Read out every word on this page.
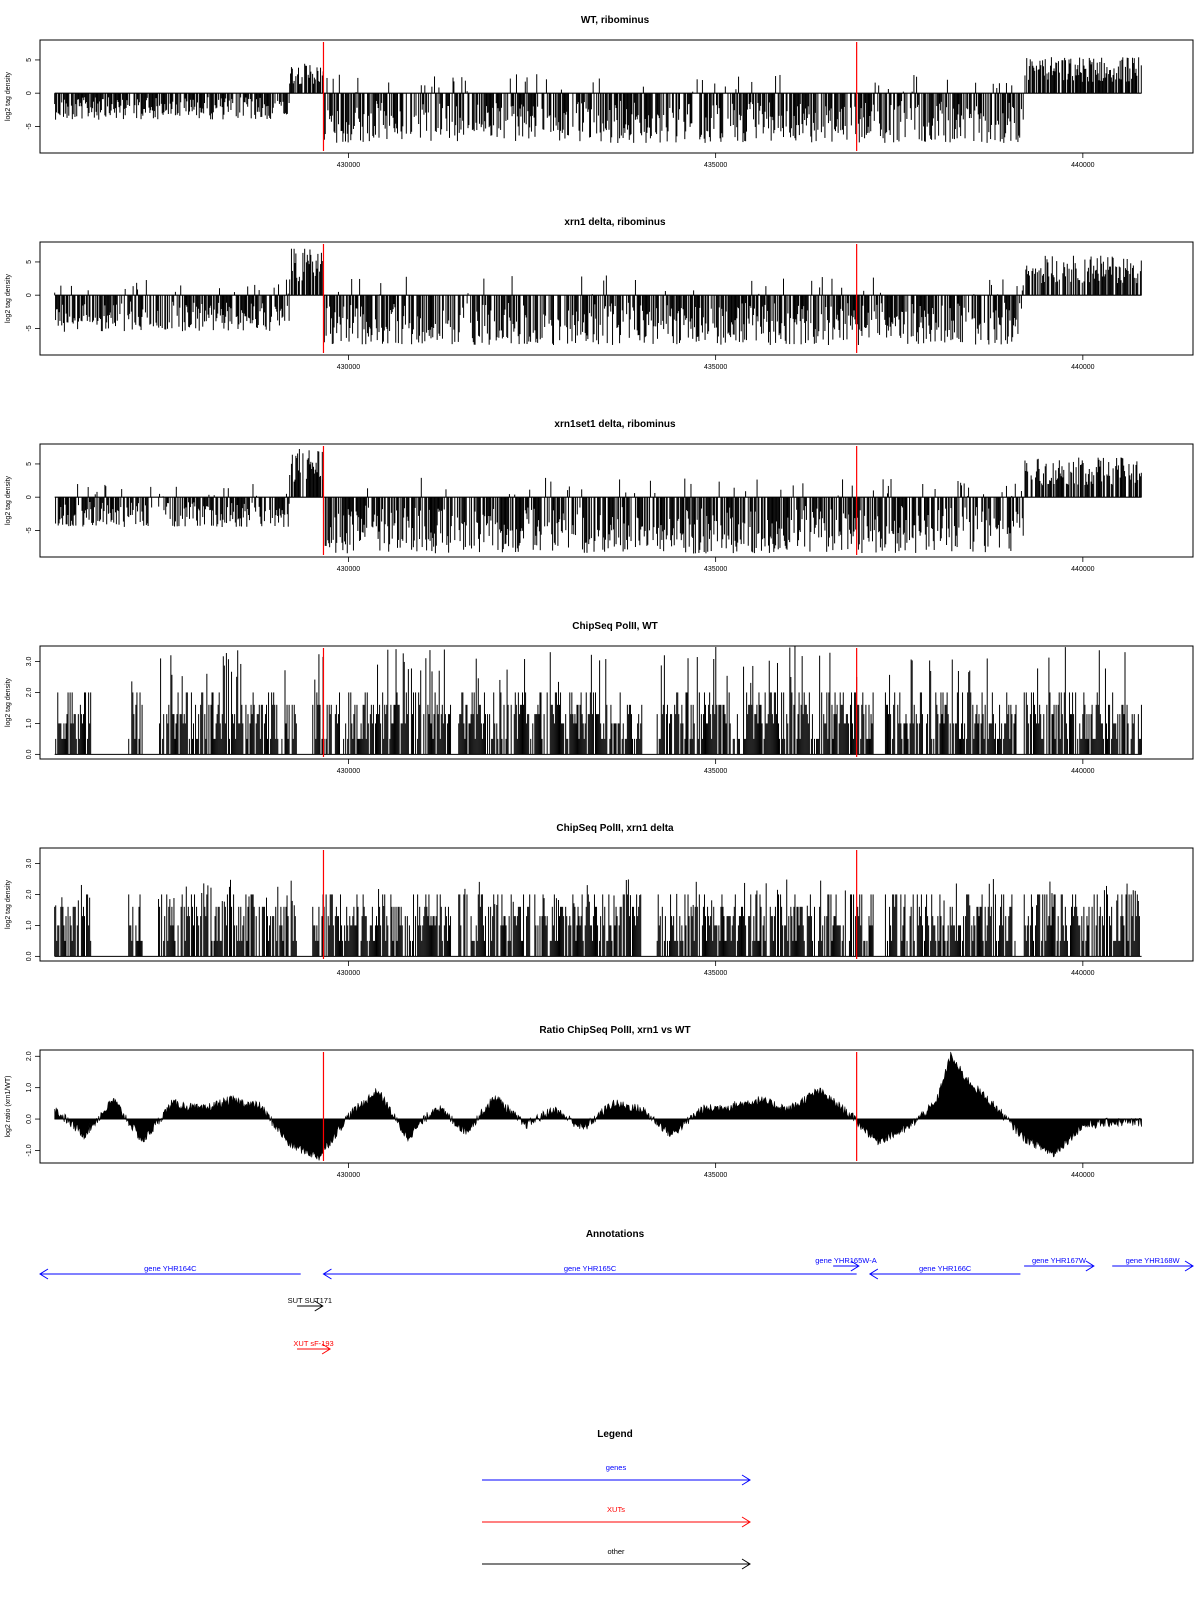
WT, ribominus
log2 tag density
-5
0
5
430000	435000	440000
xrn1 delta, ribominus
log2 tag density
-5
0
5
430000	435000	440000
xrn1set1 delta, ribominus
log2 tag density
-5
0
5
430000	435000	440000
ChipSeq PolII, WT
log2 tag density
0.0
1.0
2.0
3.0
430000	435000	440000
ChipSeq PolII, xrn1 delta
log2 tag density
0.0
1.0
2.0
3.0
430000	435000	440000
Ratio ChipSeq PolII, xrn1 vs WT
log2 ratio (xrn1/WT)
-1.0
0.0
1.0
2.0
430000	435000	440000
Annotations
gene YHR164C	gene YHR165C
gene YHR165W-A
gene YHR166C
gene YHR167W	gene YHR168W
SUT SUT171
XUT sF-193
Legend
genes
XUTs
other
